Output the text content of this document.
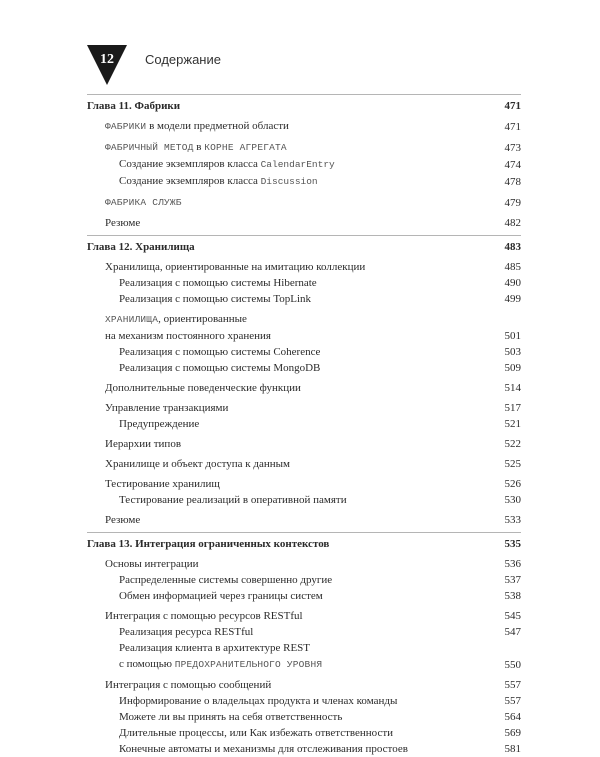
12	Содержание
Глава 11. Фабрики	471
ФАБРИКИ в модели предметной области	471
ФАБРИЧНЫЙ МЕТОД в КОРНЕ АГРЕГАТА	473
Создание экземпляров класса CalendarEntry	474
Создание экземпляров класса Discussion	478
ФАБРИКА СЛУЖБ	479
Резюме	482
Глава 12. Хранилища	483
Хранилища, ориентированные на имитацию коллекции	485
Реализация с помощью системы Hibernate	490
Реализация с помощью системы TopLink	499
ХРАНИЛИЩА, ориентированные
на механизм постоянного хранения	501
Реализация с помощью системы Coherence	503
Реализация с помощью системы MongoDB	509
Дополнительные поведенческие функции	514
Управление транзакциями	517
Предупреждение	521
Иерархии типов	522
Хранилище и объект доступа к данным	525
Тестирование хранилищ	526
Тестирование реализаций в оперативной памяти	530
Резюме	533
Глава 13. Интеграция ограниченных контекстов	535
Основы интеграции	536
Распределенные системы совершенно другие	537
Обмен информацией через границы систем	538
Интеграция с помощью ресурсов RESTful	545
Реализация ресурса RESTful	547
Реализация клиента в архитектуре REST
с помощью ПРЕДОХРАНИТЕЛЬНОГО УРОВНЯ	550
Интеграция с помощью сообщений	557
Информирование о владельцах продукта и членах команды	557
Можете ли вы принять на себя ответственность	564
Длительные процессы, или Как избежать ответственности	569
Конечные автоматы и механизмы для отслеживания простоев	581
